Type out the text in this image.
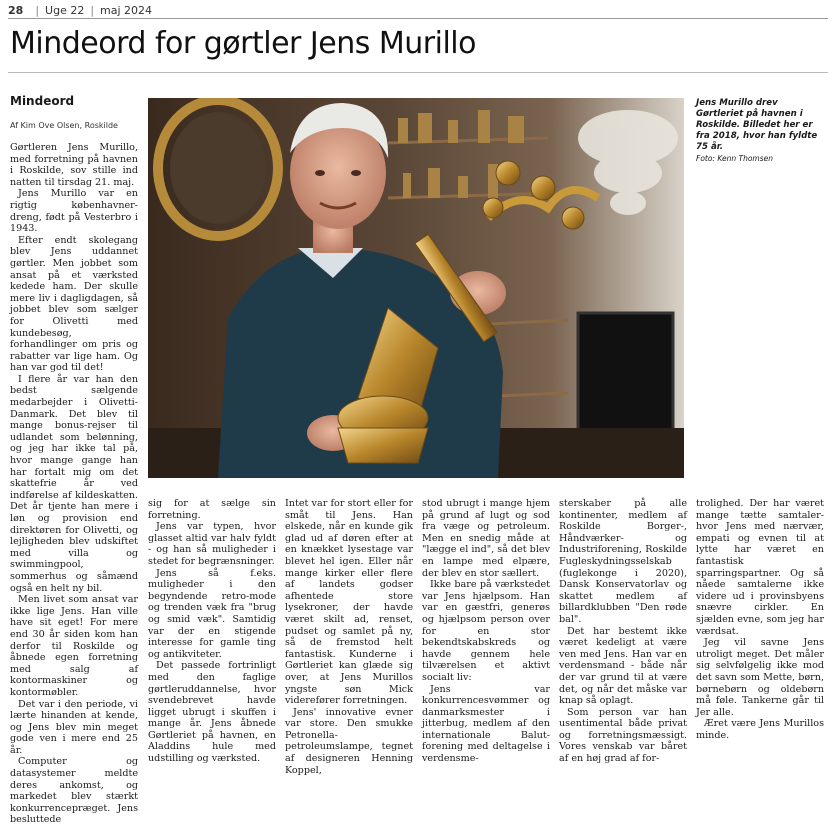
28 | Uge 22 | maj 2024
Mindeord for gørtler Jens Murillo
Mindeord
Af Kim Ove Olsen, Roskilde
Jens Murillo drev Gørtleriet på havnen i Roskilde. Billedet her er fra 2018, hvor han fyldte 75 år.
Foto: Kenn Thomsen

Gørtleren Jens Murillo, med forretning på havnen i Roskilde, sov stille ind natten til tirsdag 21. maj.

Jens Murillo var en rigtig københavner-dreng, født på Vesterbro i 1943.

Efter endt skolegang blev Jens uddannet gørtler. Men jobbet som ansat på et værksted kedede ham. Der skulle mere liv i dagligdagen, så jobbet blev som sælger for Olivetti med kundebesøg, forhandlinger om pris og rabatter var lige ham. Og han var god til det!

I flere år var han den bedst sælgende medarbejder i Olivetti-Danmark. Det blev til mange bonus-rejser til udlandet som belønning, og jeg har ikke tal på, hvor mange gange han har fortalt mig om det skattefrie år ved indførelse af kildeskatten. Det år tjente han mere i løn og provision end direktøren for Olivetti, og lejligheden blev udskiftet med villa og swimmingpool, sommerhus og såmænd også en helt ny bil.

Men livet som ansat var ikke lige Jens. Han ville have sit eget! For mere end 30 år siden kom han derfor til Roskilde og åbnede egen forretning med salg af kontormaskiner og kontormøbler.

Det var i den periode, vi lærte hinanden at kende, og Jens blev min meget gode ven i mere end 25 år.

Computer og datasystemer meldte deres ankomst, og markedet blev stærkt konkurrencepræget. Jens besluttede

sig for at sælge sin forretning.

Jens var typen, hvor glasset altid var halv fyldt - og han så muligheder i stedet for begrænsninger.

Jens så f.eks. muligheder i den begyndende retro-mode og trenden væk fra "brug og smid væk". Samtidig var der en stigende interesse for gamle ting og antikviteter.

Det passede fortrinligt med den faglige gørtleruddannelse, hvor svendebrevet havde ligget ubrugt i skuffen i mange år. Jens åbnede Gørtleriet på havnen, en Aladdins hule med udstilling og værksted.

Intet var for stort eller for småt til Jens. Han elskede, når en kunde gik glad ud af døren efter at en knækket lysestage var blevet hel igen. Eller når mange kirker eller flere af landets godser afhentede store lysekroner, der havde været skilt ad, renset, pudset og samlet på ny, så de fremstod helt fantastisk. Kunderne i Gørtleriet kan glæde sig over, at Jens Murillos yngste søn Mick viderefører forretningen.

Jens' innovative evner var store. Den smukke Petronella-petroleumslampe, tegnet af designeren Henning Koppel,

stod ubrugt i mange hjem på grund af lugt og sod fra væge og petroleum. Men en snedig måde at "lægge el ind", så det blev en lampe med elpære, der blev en stor sællert.

Ikke bare på værkstedet var Jens hjælpsom. Han var en gæstfri, generøs og hjælpsom person over for en stor bekendtskabskreds og havde gennem hele tilværelsen et aktivt socialt liv:

Jens var konkurrencesvømmer og danmarksmester i jitterbug, medlem af den internationale Balut-forening med deltagelse i verdensme-

sterskaber på alle kontinenter, medlem af Roskilde Borger-, Håndværker- og Industriforening, Roskilde Fugleskydningsselskab (fuglekonge i 2020), Dansk Konservatorlav og skattet medlem af billardklubben "Den røde bal".

Det har bestemt ikke været kedeligt at være ven med Jens. Han var en verdensmand - både når der var grund til at være det, og når det måske var knap så oplagt.

Som person var han usentimental både privat og forretningsmæssigt. Vores venskab var båret af en høj grad af for-

trolighed. Der har været mange tætte samtaler- hvor Jens med nærvær, empati og evnen til at lytte har været en fantastisk sparringspartner. Og så nåede samtalerne ikke videre ud i provinsbyens snævre cirkler. En sjælden evne, som jeg har værdsat.

Jeg vil savne Jens utroligt meget. Det måler sig selvfølgelig ikke mod det savn som Mette, børn, børnebørn og oldebørn må føle. Tankerne går til Jer alle.

Æret være Jens Murillos minde.
